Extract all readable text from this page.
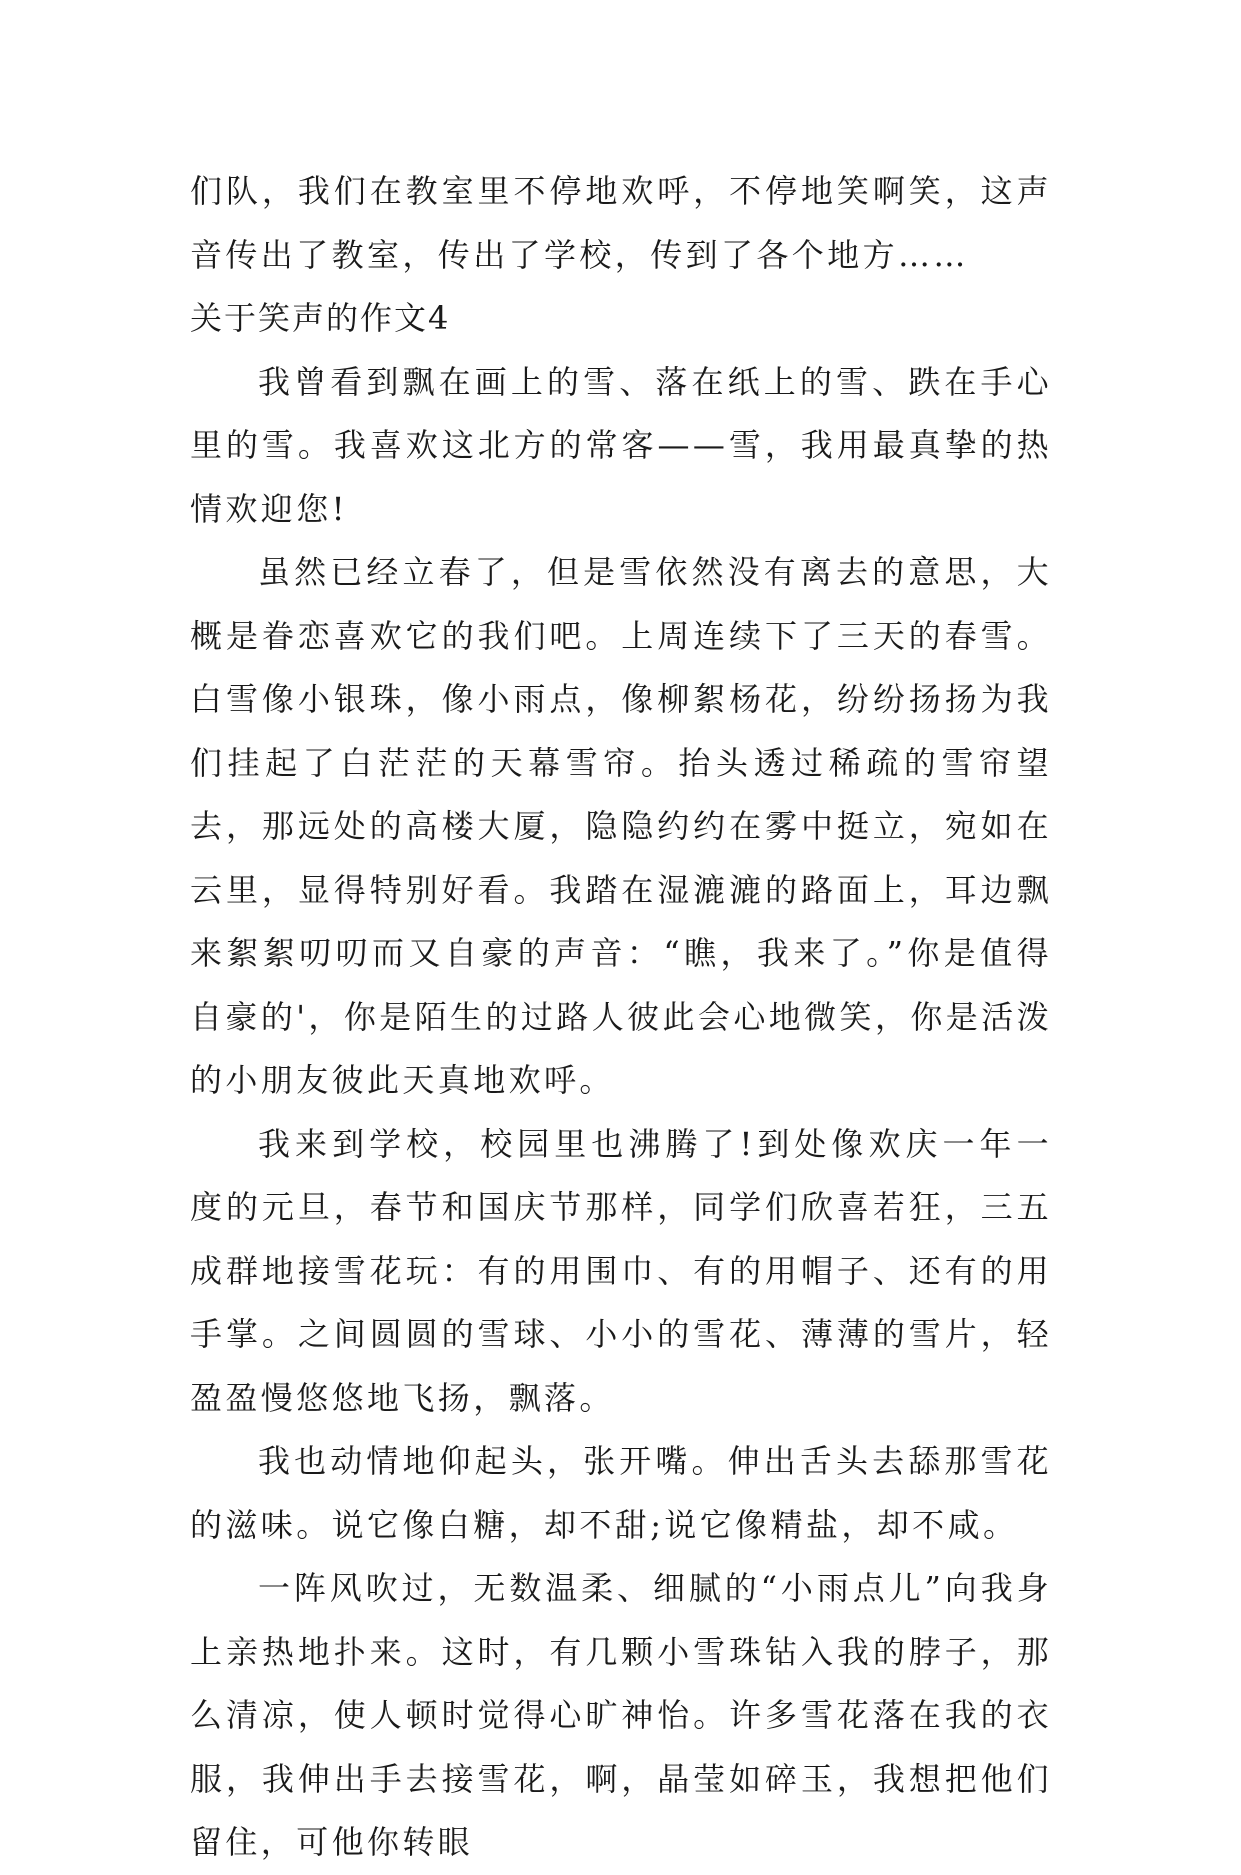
们队，我们在教室里不停地欢呼，不停地笑啊笑，这声音传出了教室，传出了学校，传到了各个地方……

关于笑声的作文4

我曾看到飘在画上的雪、落在纸上的雪、跌在手心里的雪。我喜欢这北方的常客——雪，我用最真挚的热情欢迎您!

虽然已经立春了，但是雪依然没有离去的意思，大概是眷恋喜欢它的我们吧。上周连续下了三天的春雪。白雪像小银珠，像小雨点，像柳絮杨花，纷纷扬扬为我们挂起了白茫茫的天幕雪帘。抬头透过稀疏的雪帘望去，那远处的高楼大厦，隐隐约约在雾中挺立，宛如在云里，显得特别好看。我踏在湿漉漉的路面上，耳边飘来絮絮叨叨而又自豪的声音：“瞧，我来了。”你是值得自豪的'，你是陌生的过路人彼此会心地微笑，你是活泼的小朋友彼此天真地欢呼。

我来到学校，校园里也沸腾了!到处像欢庆一年一度的元旦，春节和国庆节那样，同学们欣喜若狂，三五成群地接雪花玩：有的用围巾、有的用帽子、还有的用手掌。之间圆圆的雪球、小小的雪花、薄薄的雪片，轻盈盈慢悠悠地飞扬，飘落。

我也动情地仰起头，张开嘴。伸出舌头去舔那雪花的滋味。说它像白糖，却不甜;说它像精盐，却不咸。

一阵风吹过，无数温柔、细腻的“小雨点儿”向我身上亲热地扑来。这时，有几颗小雪珠钻入我的脖子，那么清凉，使人顿时觉得心旷神怡。许多雪花落在我的衣服，我伸出手去接雪花，啊，晶莹如碎玉，我想把他们留住，可他你转眼
